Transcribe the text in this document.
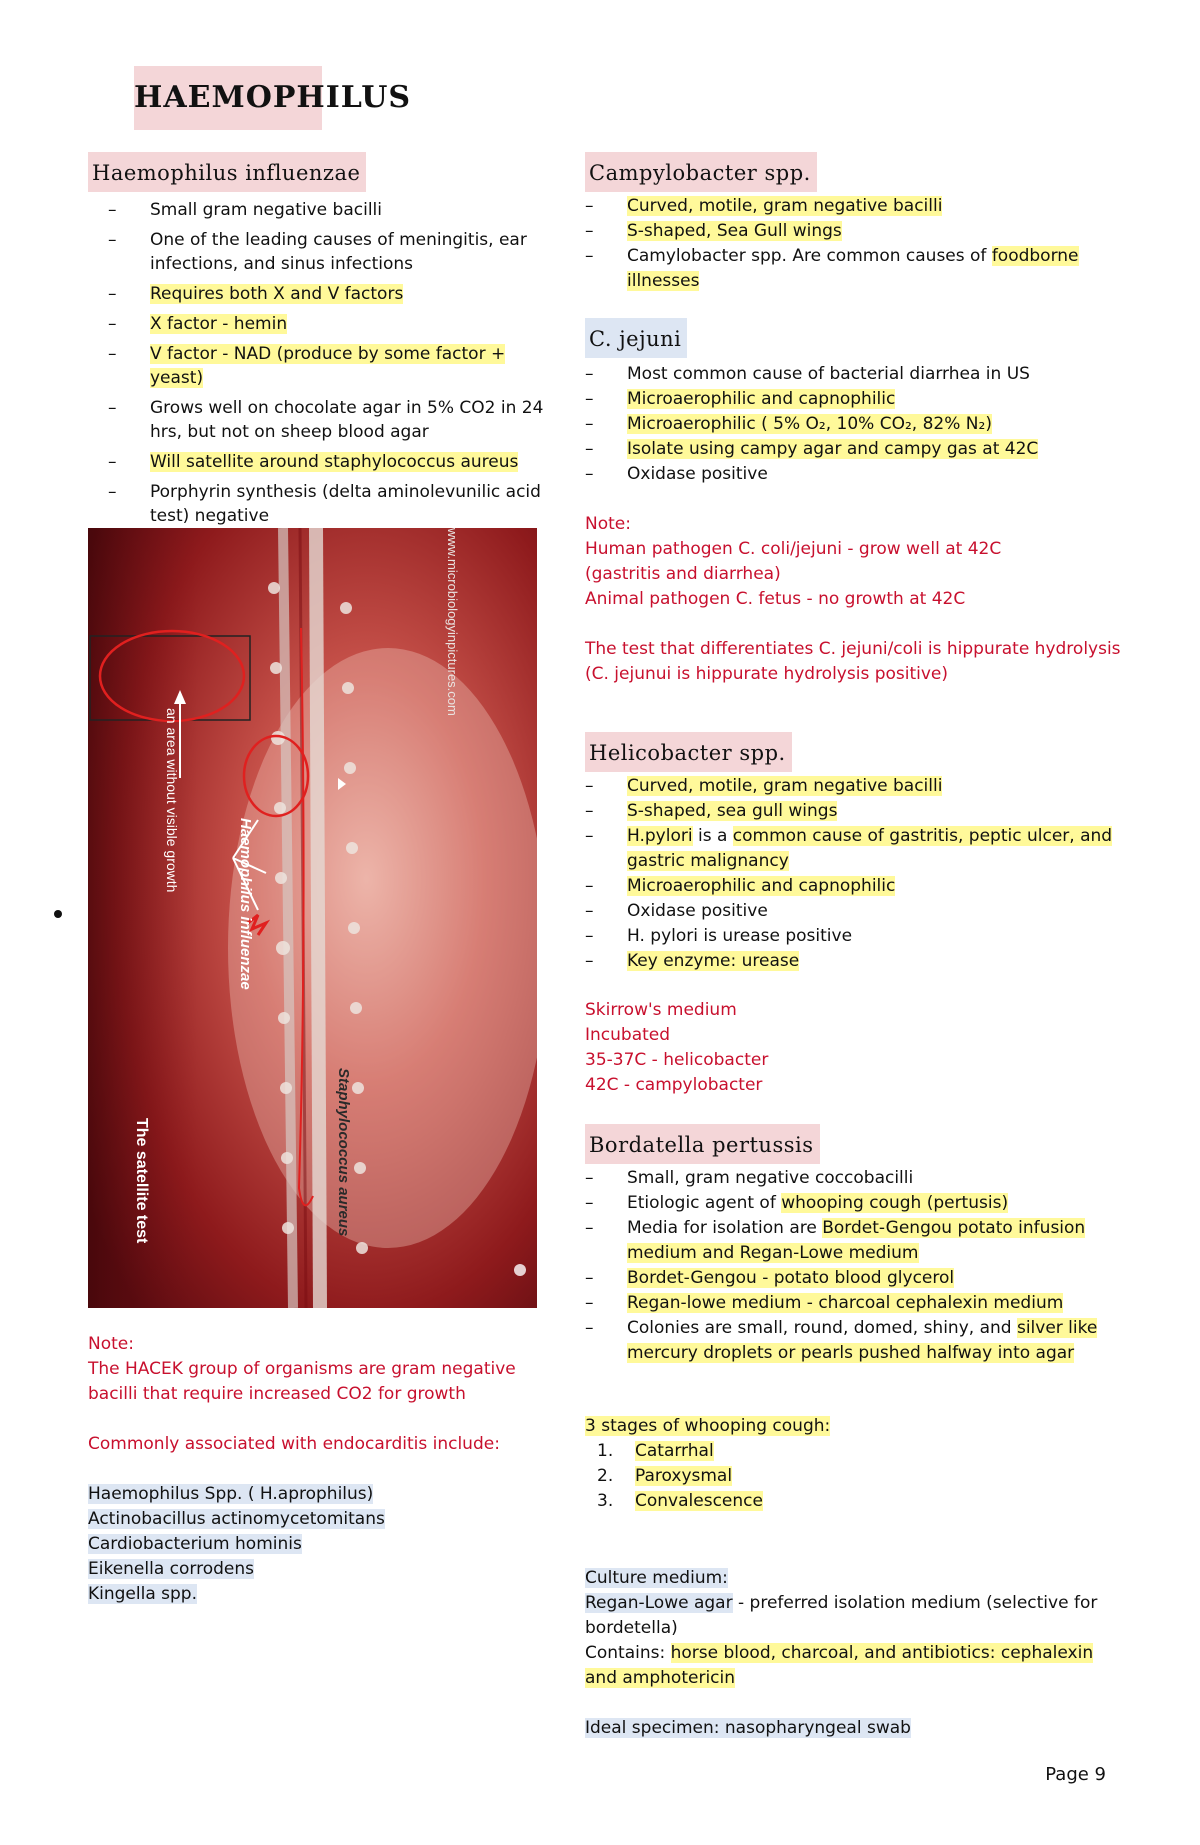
HAEMOPHILUS
Haemophilus influenzae
– Small gram negative bacilli
– One of the leading causes of meningitis, ear infections, and sinus infections
– Requires both X and V factors
– X factor - hemin
– V factor - NAD (produce by some factor + yeast)
– Grows well on chocolate agar in 5% CO2 in 24 hrs, but not on sheep blood agar
– Will satellite around staphylococcus aureus
– Porphyrin synthesis (delta aminolevunilic acid test) negative
www.microbiologyinpictures.com
an area without visible growth
Haemophilus influenzae
Staphylococcus aureus
The satellite test
Note:
The HACEK group of organisms are gram negative bacilli that require increased CO2 for growth
Commonly associated with endocarditis include:
Haemophilus Spp. ( H.aprophilus)
Actinobacillus actinomycetomitans
Cardiobacterium hominis
Eikenella corrodens
Kingella spp.
Campylobacter spp.
– Curved, motile, gram negative bacilli
– S-shaped, Sea Gull wings
– Camylobacter spp. Are common causes of foodborne illnesses
C. jejuni
– Most common cause of bacterial diarrhea in US
– Microaerophilic and capnophilic
– Microaerophilic ( 5% O₂, 10% CO₂, 82% N₂)
– Isolate using campy agar and campy gas at 42C
– Oxidase positive
Note:
Human pathogen C. coli/jejuni - grow well at 42C
(gastritis and diarrhea)
Animal pathogen C. fetus - no growth at 42C
The test that differentiates C. jejuni/coli is hippurate hydrolysis (C. jejunui is hippurate hydrolysis positive)
Helicobacter spp.
– Curved, motile, gram negative bacilli
– S-shaped, sea gull wings
– H.pylori is a common cause of gastritis, peptic ulcer, and gastric malignancy
– Microaerophilic and capnophilic
– Oxidase positive
– H. pylori is urease positive
– Key enzyme: urease
Skirrow's medium
Incubated
35-37C - helicobacter
42C - campylobacter
Bordatella pertussis
– Small, gram negative coccobacilli
– Etiologic agent of whooping cough (pertusis)
– Media for isolation are Bordet-Gengou potato infusion medium and Regan-Lowe medium
– Bordet-Gengou - potato blood glycerol
– Regan-lowe medium - charcoal cephalexin medium
– Colonies are small, round, domed, shiny, and silver like mercury droplets or pearls pushed halfway into agar
3 stages of whooping cough:
1. Catarrhal
2. Paroxysmal
3. Convalescence
Culture medium:
Regan-Lowe agar - preferred isolation medium (selective for bordetella)
Contains: horse blood, charcoal, and antibiotics: cephalexin and amphotericin
Ideal specimen: nasopharyngeal swab
Page 9
